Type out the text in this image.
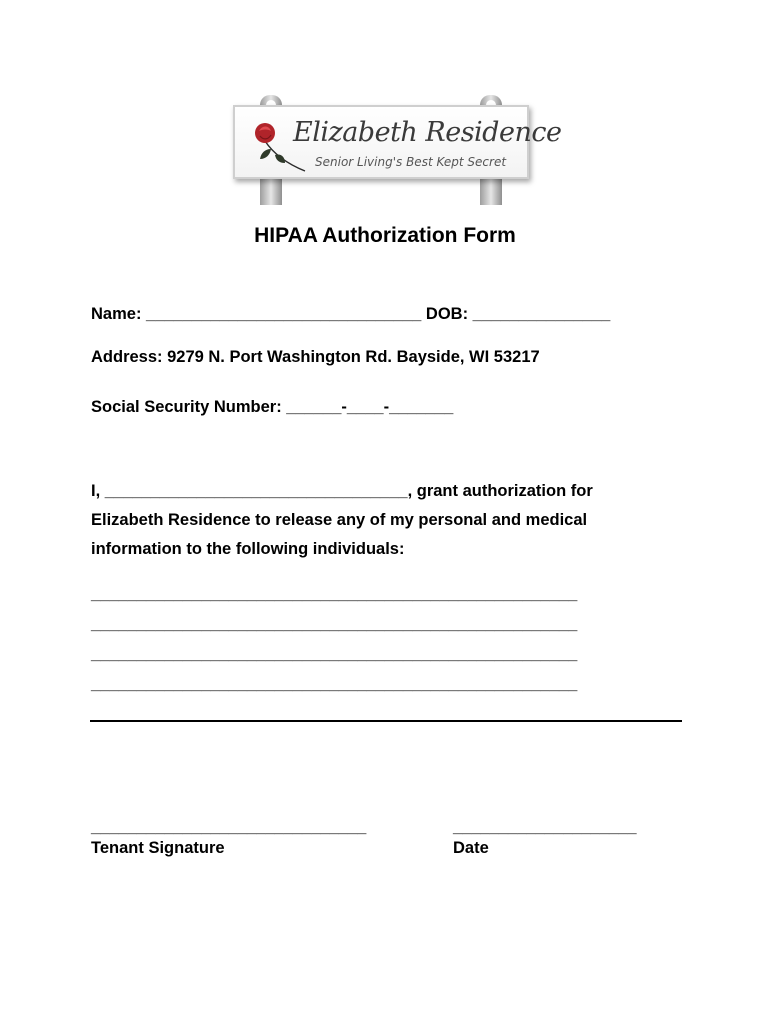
Elizabeth Residence
Senior Living's Best Kept Secret
HIPAA Authorization Form
Name: ______________________________ DOB: _______________
Address: 9279 N. Port Washington Rd. Bayside, WI 53217
Social Security Number: ______-____-_______
I, _________________________________, grant authorization for
Elizabeth Residence to release any of my personal and medical
information to the following individuals:
_____________________________________________________
_____________________________________________________
_____________________________________________________
_____________________________________________________
______________________________	____________________
Tenant Signature	Date
